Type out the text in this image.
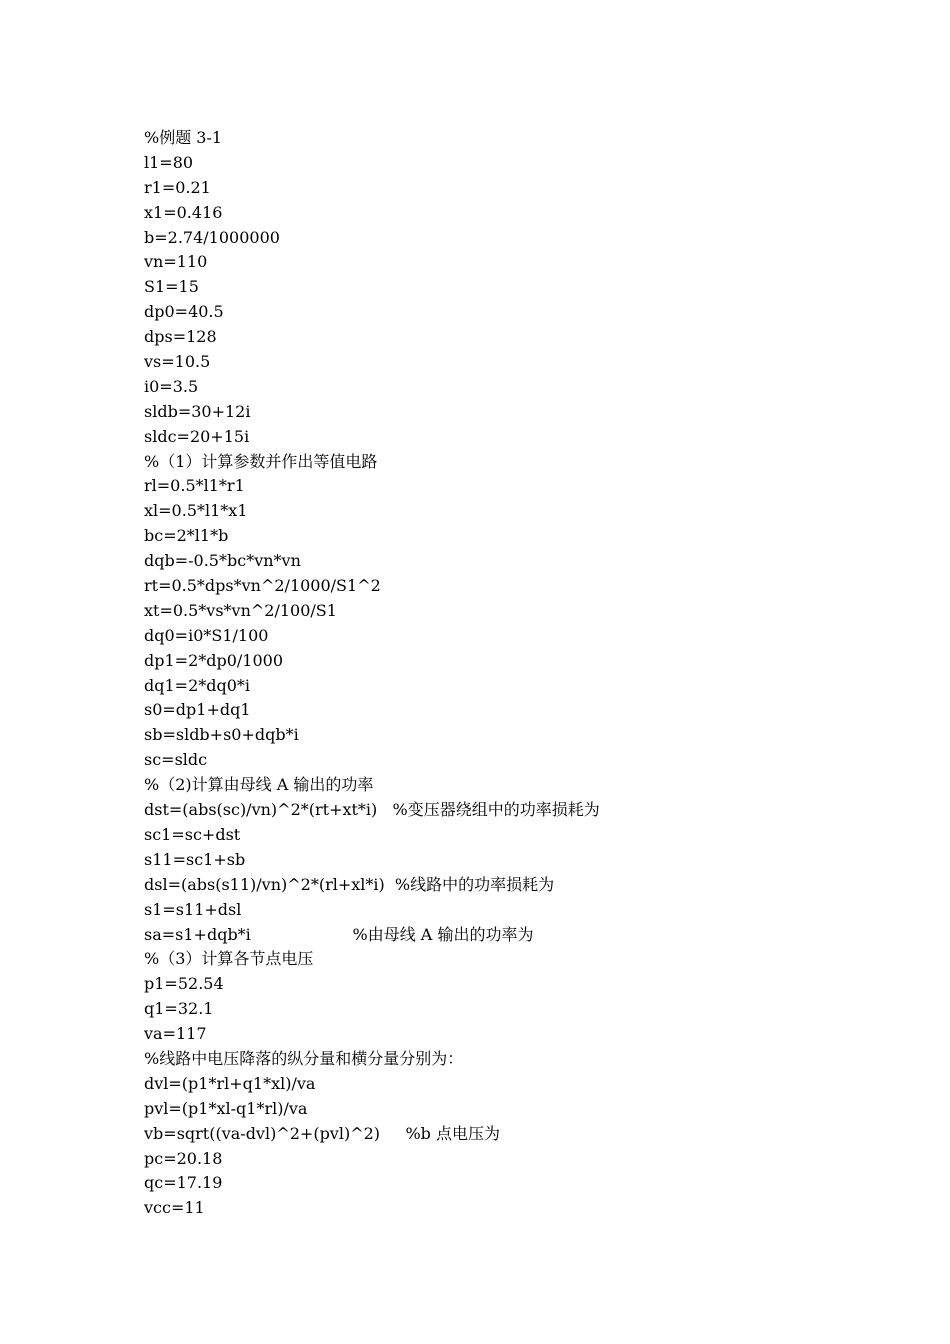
%例题 3-1
l1=80
r1=0.21
x1=0.416
b=2.74/1000000
vn=110
S1=15
dp0=40.5
dps=128
vs=10.5
i0=3.5
sldb=30+12i
sldc=20+15i
%（1）计算参数并作出等值电路
rl=0.5*l1*r1
xl=0.5*l1*x1
bc=2*l1*b
dqb=-0.5*bc*vn*vn
rt=0.5*dps*vn^2/1000/S1^2
xt=0.5*vs*vn^2/100/S1
dq0=i0*S1/100
dp1=2*dp0/1000
dq1=2*dq0*i
s0=dp1+dq1
sb=sldb+s0+dqb*i
sc=sldc
%（2)计算由母线 A 输出的功率
dst=(abs(sc)/vn)^2*(rt+xt*i)   %变压器绕组中的功率损耗为
sc1=sc+dst
s11=sc1+sb
dsl=(abs(s11)/vn)^2*(rl+xl*i)  %线路中的功率损耗为
s1=s11+dsl
sa=s1+dqb*i                    %由母线 A 输出的功率为
%（3）计算各节点电压
p1=52.54
q1=32.1
va=117
%线路中电压降落的纵分量和横分量分别为：
dvl=(p1*rl+q1*xl)/va
pvl=(p1*xl-q1*rl)/va
vb=sqrt((va-dvl)^2+(pvl)^2)     %b 点电压为
pc=20.18
qc=17.19
vcc=11
